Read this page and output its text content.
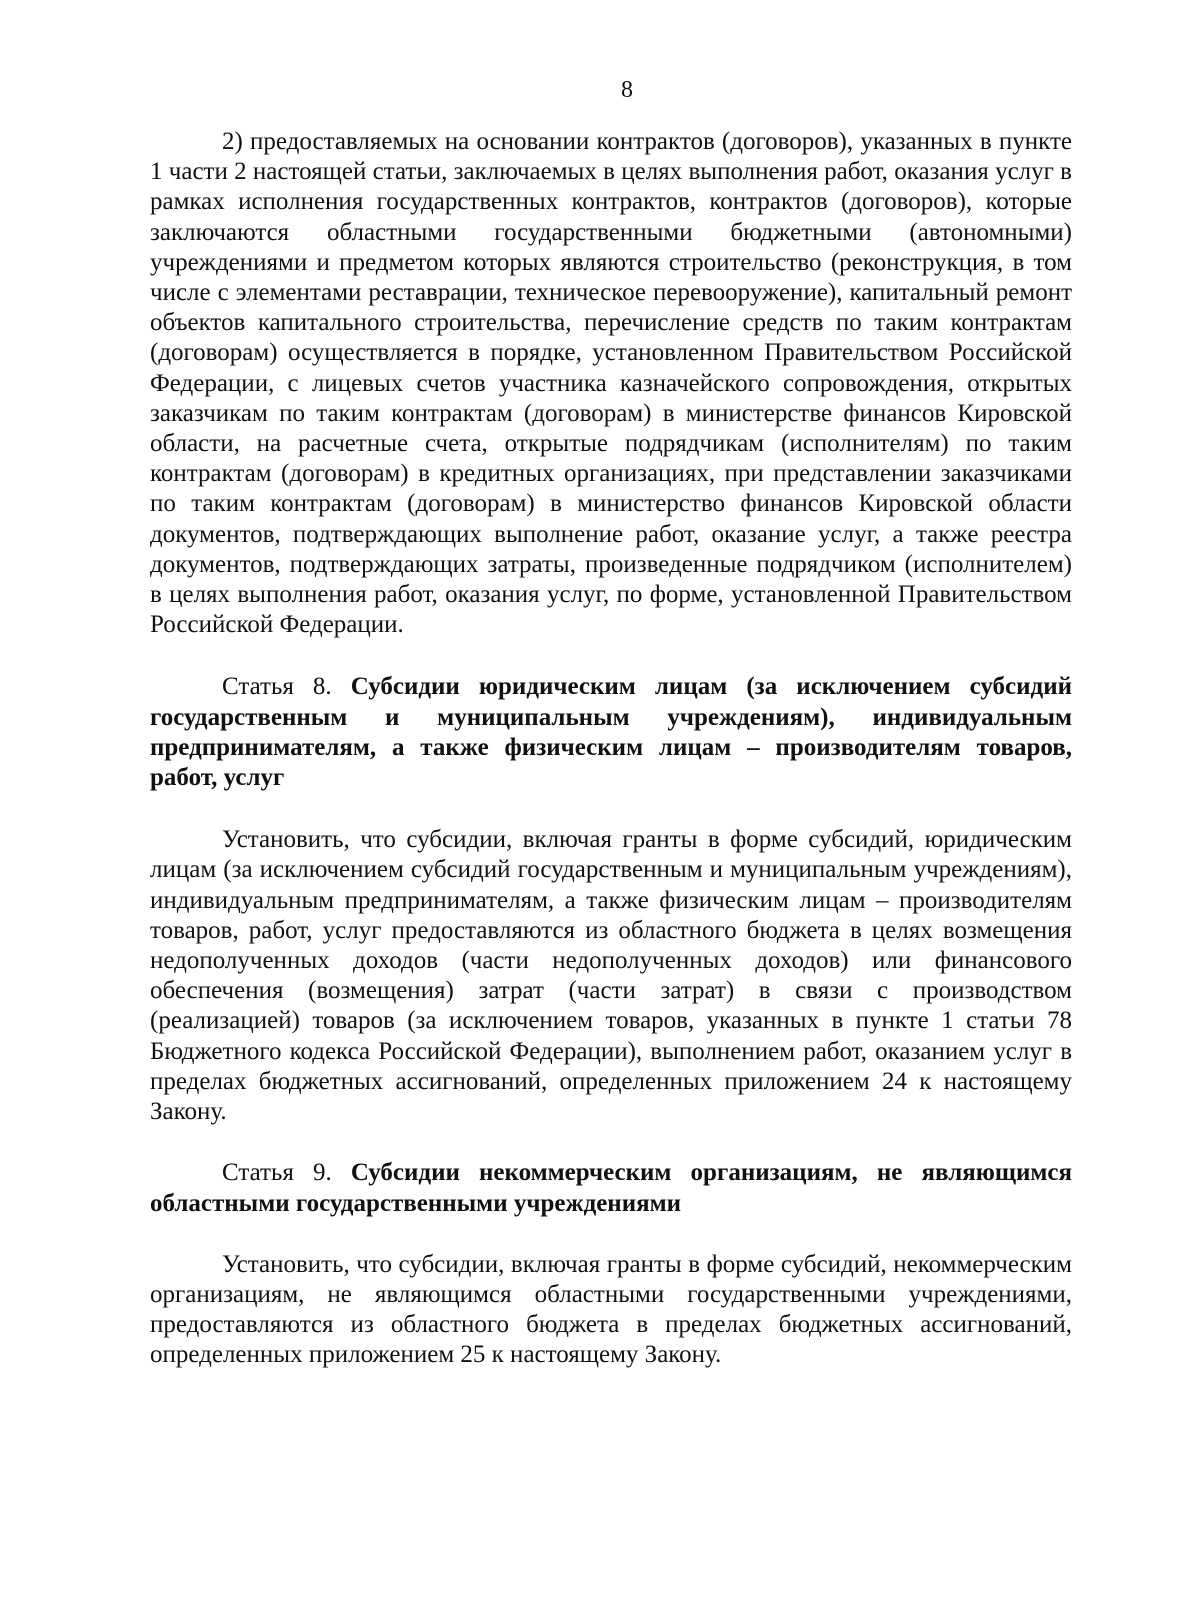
8

2) предоставляемых на основании контрактов (договоров), указанных в пункте 1 части 2 настоящей статьи, заключаемых в целях выполнения работ, оказания услуг в рамках исполнения государственных контрактов, контрактов (договоров), которые заключаются областными государственными бюджетными (автономными) учреждениями и предметом которых являются строительство (реконструкция, в том числе с элементами реставрации, техническое перевооружение), капитальный ремонт объектов капитального строительства, перечисление средств по таким контрактам (договорам) осуществляется в порядке, установленном Правительством Российской Федерации, с лицевых счетов участника казначейского сопровождения, открытых заказчикам по таким контрактам (договорам) в министерстве финансов Кировской области, на расчетные счета, открытые подрядчикам (исполнителям) по таким контрактам (договорам) в кредитных организациях, при представлении заказчиками по таким контрактам (договорам) в министерство финансов Кировской области документов, подтверждающих выполнение работ, оказание услуг, а также реестра документов, подтверждающих затраты, произведенные подрядчиком (исполнителем) в целях выполнения работ, оказания услуг, по форме, установленной Правительством Российской Федерации.

Статья 8. Субсидии юридическим лицам (за исключением субсидий государственным и муниципальным учреждениям), индивидуальным предпринимателям, а также физическим лицам – производителям товаров, работ, услуг

Установить, что субсидии, включая гранты в форме субсидий, юридическим лицам (за исключением субсидий государственным и муниципальным учреждениям), индивидуальным предпринимателям, а также физическим лицам – производителям товаров, работ, услуг предоставляются из областного бюджета в целях возмещения недополученных доходов (части недополученных доходов) или финансового обеспечения (возмещения) затрат (части затрат) в связи с производством (реализацией) товаров (за исключением товаров, указанных в пункте 1 статьи 78 Бюджетного кодекса Российской Федерации), выполнением работ, оказанием услуг в пределах бюджетных ассигнований, определенных приложением 24 к настоящему Закону.

Статья 9. Субсидии некоммерческим организациям, не являющимся областными государственными учреждениями

Установить, что субсидии, включая гранты в форме субсидий, некоммерческим организациям, не являющимся областными государственными учреждениями, предоставляются из областного бюджета в пределах бюджетных ассигнований, определенных приложением 25 к настоящему Закону.
